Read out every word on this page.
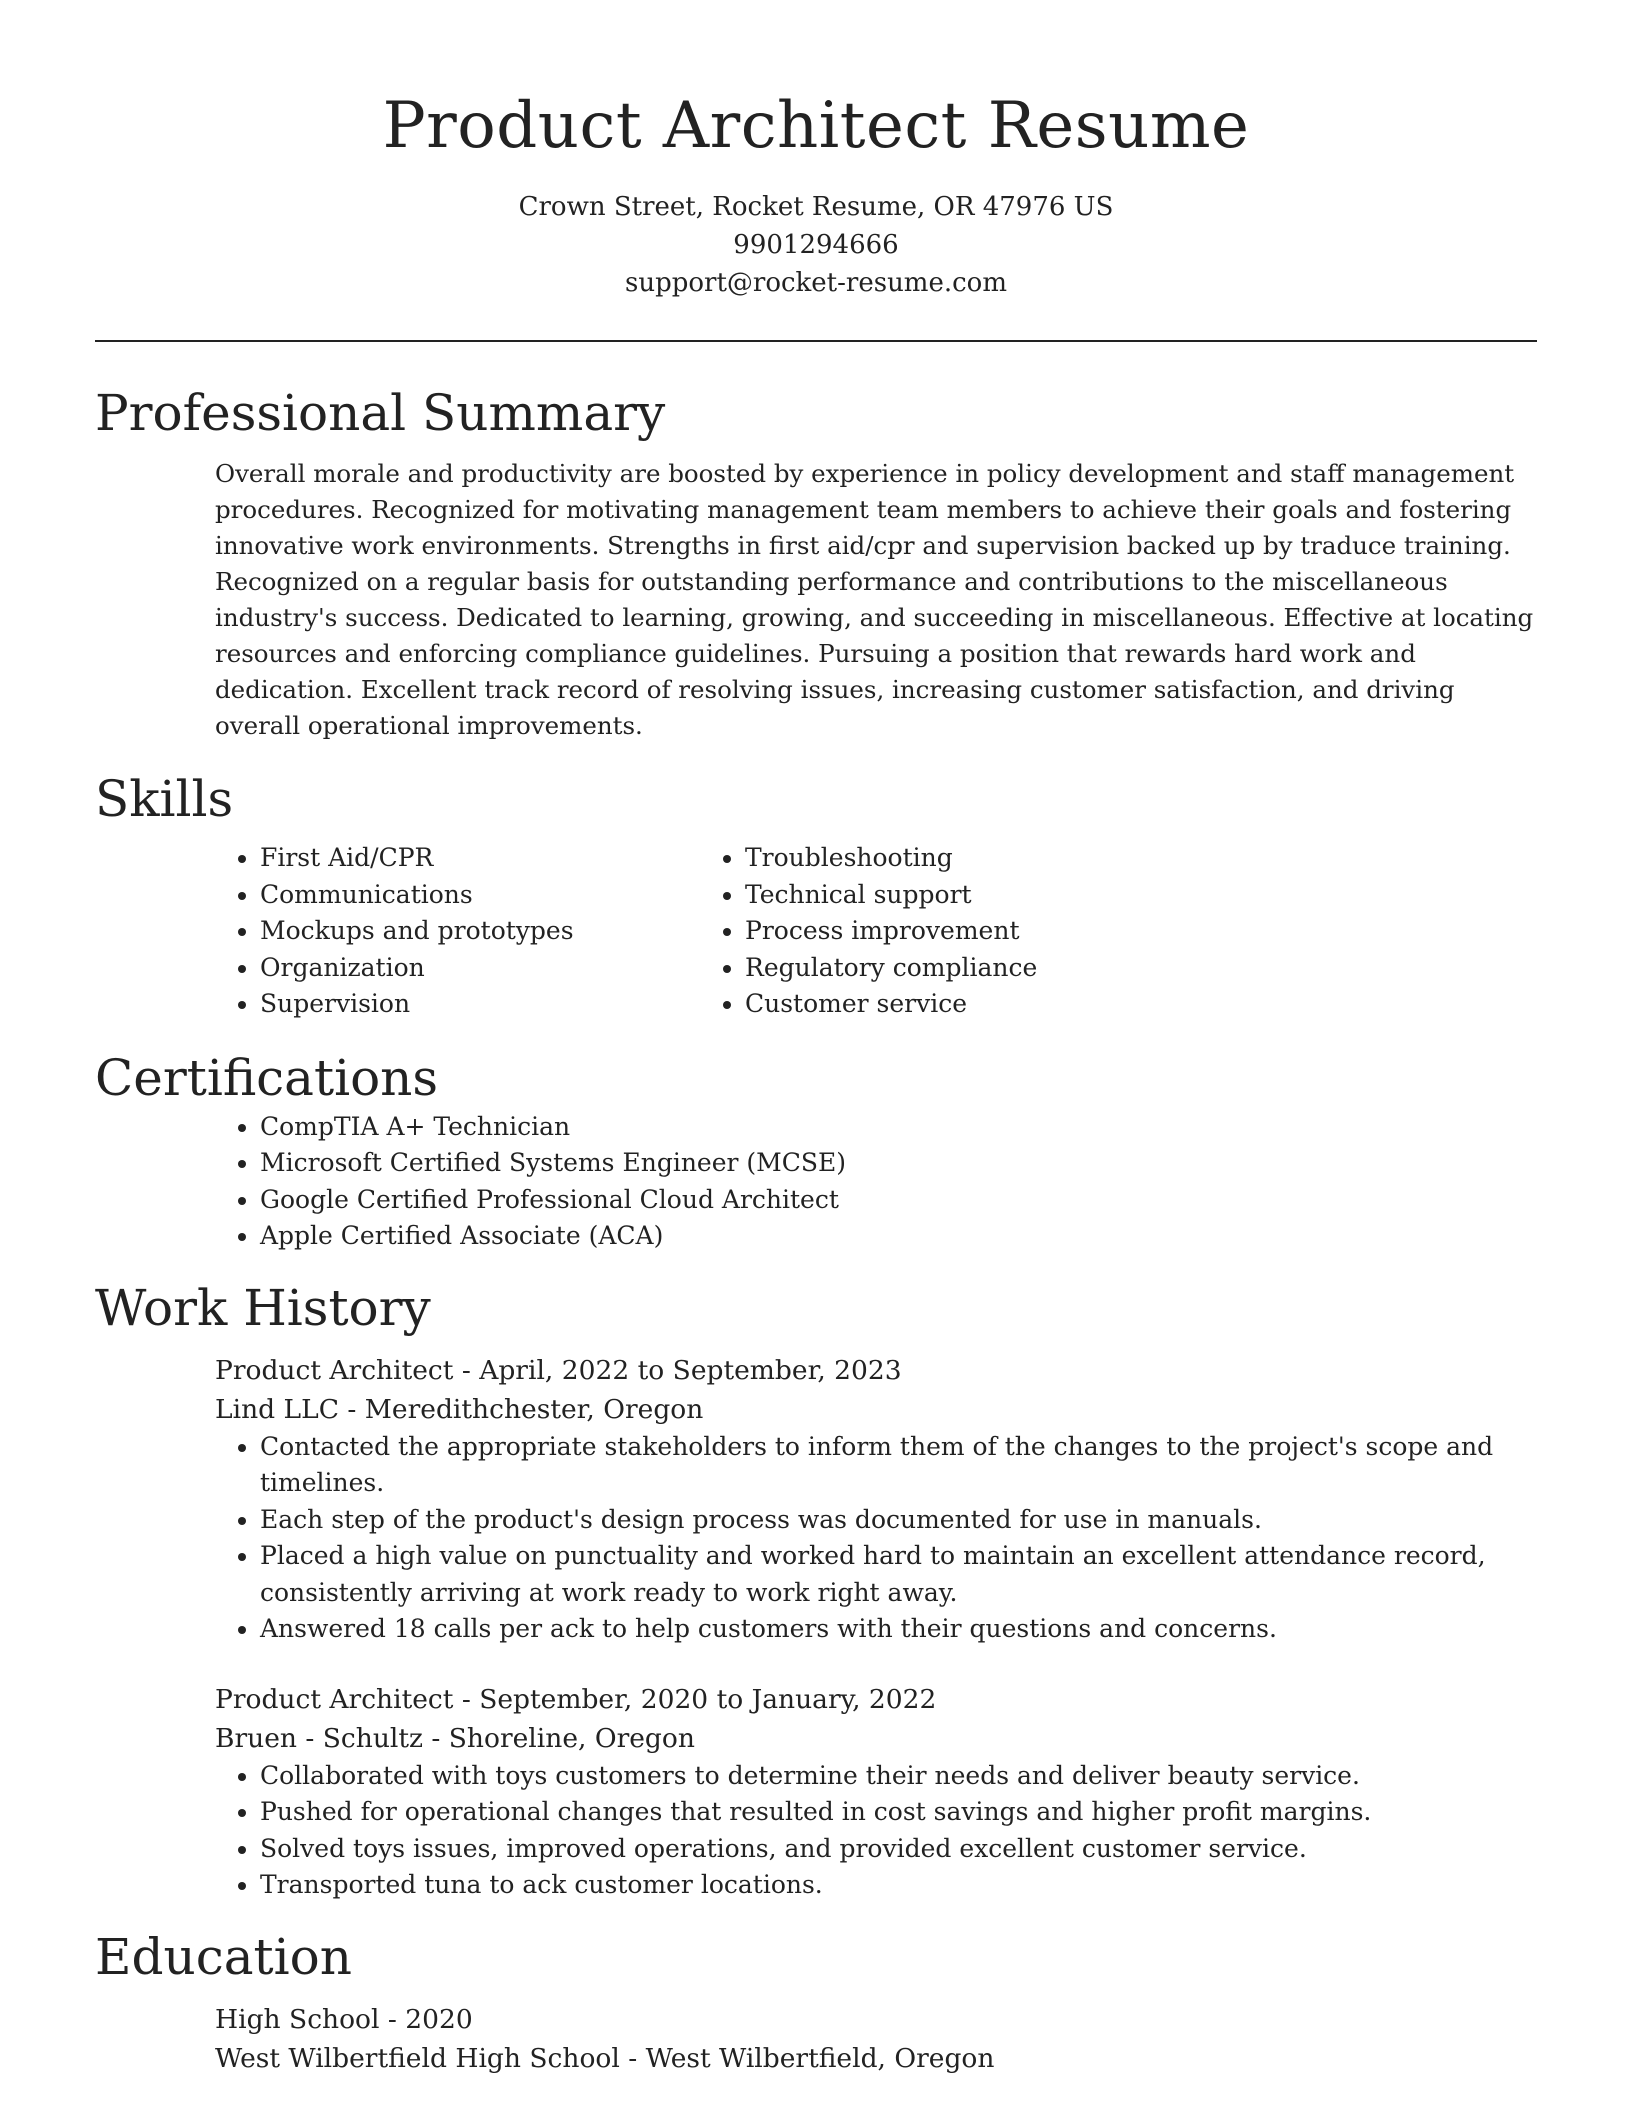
Product Architect Resume
Crown Street, Rocket Resume, OR 47976 US
9901294666
support@rocket-resume.com
Professional Summary

Overall morale and productivity are boosted by experience in policy development and staff management procedures. Recognized for motivating management team members to achieve their goals and fostering innovative work environments. Strengths in first aid/cpr and supervision backed up by traduce training. Recognized on a regular basis for outstanding performance and contributions to the miscellaneous industry's success. Dedicated to learning, growing, and succeeding in miscellaneous. Effective at locating resources and enforcing compliance guidelines. Pursuing a position that rewards hard work and dedication. Excellent track record of resolving issues, increasing customer satisfaction, and driving overall operational improvements.

Skills
• First Aid/CPR
• Communications
• Mockups and prototypes
• Organization
• Supervision
• Troubleshooting
• Technical support
• Process improvement
• Regulatory compliance
• Customer service
Certifications
• CompTIA A+ Technician
• Microsoft Certified Systems Engineer (MCSE)
• Google Certified Professional Cloud Architect
• Apple Certified Associate (ACA)
Work History
Product Architect - April, 2022 to September, 2023
Lind LLC - Meredithchester, Oregon
• Contacted the appropriate stakeholders to inform them of the changes to the project's scope and timelines.
• Each step of the product's design process was documented for use in manuals.
• Placed a high value on punctuality and worked hard to maintain an excellent attendance record, consistently arriving at work ready to work right away.
• Answered 18 calls per ack to help customers with their questions and concerns.
Product Architect - September, 2020 to January, 2022
Bruen - Schultz - Shoreline, Oregon
• Collaborated with toys customers to determine their needs and deliver beauty service.
• Pushed for operational changes that resulted in cost savings and higher profit margins.
• Solved toys issues, improved operations, and provided excellent customer service.
• Transported tuna to ack customer locations.
Education
High School - 2020
West Wilbertfield High School - West Wilbertfield, Oregon
